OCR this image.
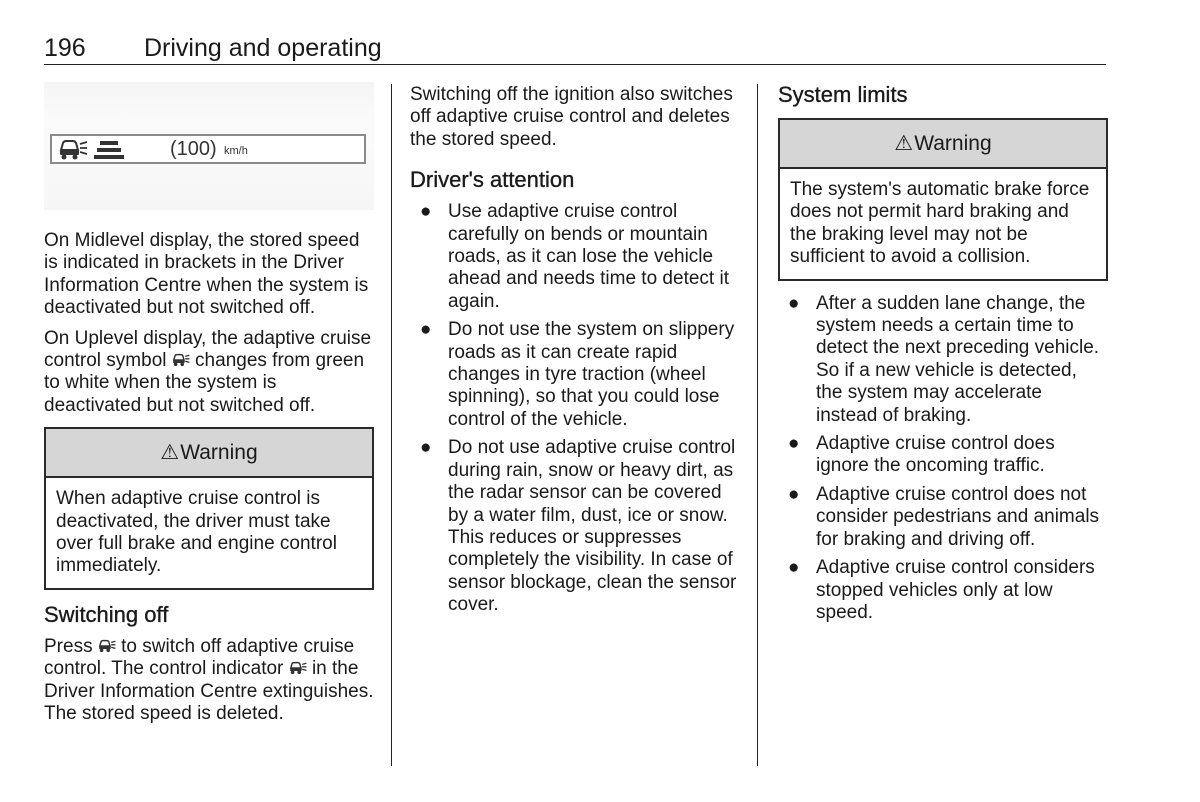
196 Driving and operating
(100) km/h

On Midlevel display, the stored speed is indicated in brackets in the Driver Information Centre when the system is deactivated but not switched off.

On Uplevel display, the adaptive cruise control symbol  changes from green to white when the system is deactivated but not switched off.

⚠Warning
When adaptive cruise control is deactivated, the driver must take over full brake and engine control immediately.
Switching off

Press  to switch off adaptive cruise control. The control indicator  in the Driver Information Centre extinguishes. The stored speed is deleted.

Switching off the ignition also switches off adaptive cruise control and deletes the stored speed.

Driver's attention
● Use adaptive cruise control carefully on bends or mountain roads, as it can lose the vehicle ahead and needs time to detect it again.
● Do not use the system on slippery roads as it can create rapid changes in tyre traction (wheel spinning), so that you could lose control of the vehicle.
● Do not use adaptive cruise control during rain, snow or heavy dirt, as the radar sensor can be covered by a water film, dust, ice or snow. This reduces or suppresses completely the visibility. In case of sensor blockage, clean the sensor cover.
System limits
⚠Warning
The system's automatic brake force does not permit hard braking and the braking level may not be sufficient to avoid a collision.
● After a sudden lane change, the system needs a certain time to detect the next preceding vehicle. So if a new vehicle is detected, the system may accelerate instead of braking.
● Adaptive cruise control does ignore the oncoming traffic.
● Adaptive cruise control does not consider pedestrians and animals for braking and driving off.
● Adaptive cruise control considers stopped vehicles only at low speed.
